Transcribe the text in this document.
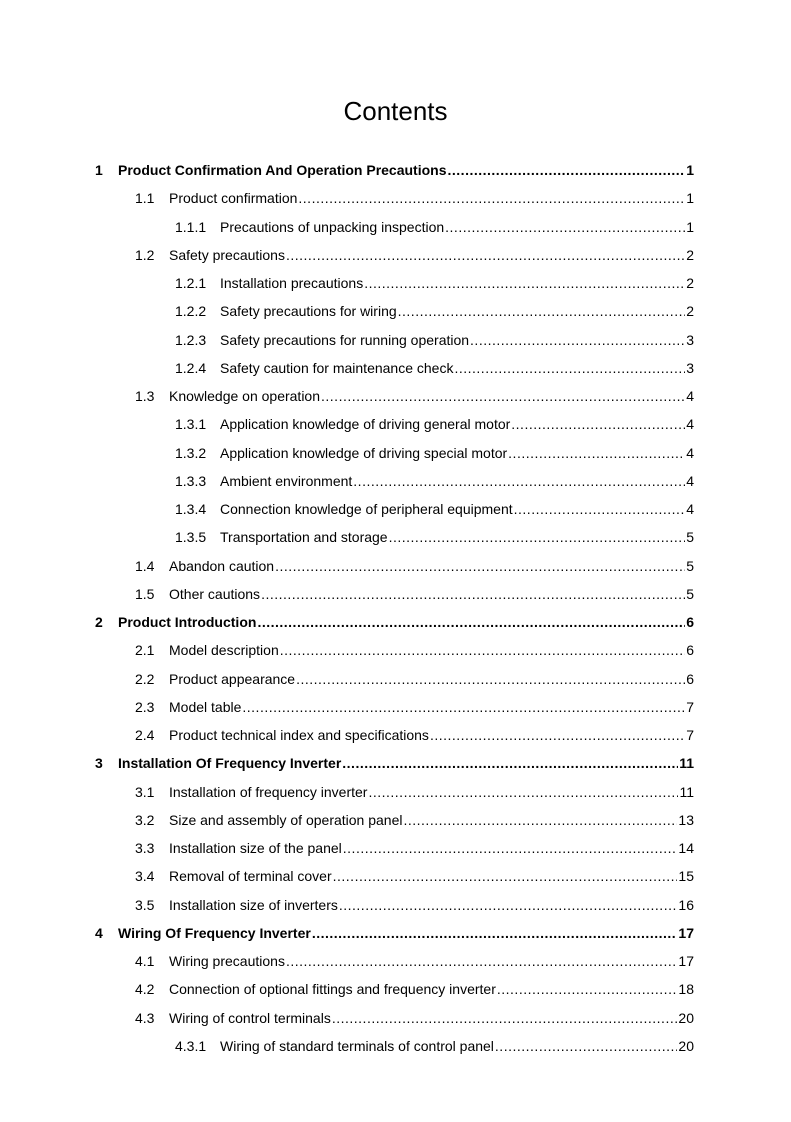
Contents
1 Product Confirmation And Operation Precautions .....	1
1.1 Product confirmation .....	1
1.1.1 Precautions of unpacking inspection .....	1
1.2 Safety precautions .....	2
1.2.1 Installation precautions .....	2
1.2.2 Safety precautions for wiring .....	2
1.2.3 Safety precautions for running operation .....	3
1.2.4 Safety caution for maintenance check .....	3
1.3 Knowledge on operation .....	4
1.3.1 Application knowledge of driving general motor .....	4
1.3.2 Application knowledge of driving special motor .....	4
1.3.3 Ambient environment .....	4
1.3.4 Connection knowledge of peripheral equipment .....	4
1.3.5 Transportation and storage .....	5
1.4 Abandon caution .....	5
1.5 Other cautions .....	5
2 Product Introduction .....	6
2.1 Model description .....	6
2.2 Product appearance .....	6
2.3 Model table .....	7
2.4 Product technical index and specifications .....	7
3 Installation Of Frequency Inverter .....	11
3.1 Installation of frequency inverter .....	11
3.2 Size and assembly of operation panel .....	13
3.3 Installation size of the panel .....	14
3.4 Removal of terminal cover .....	15
3.5 Installation size of inverters .....	16
4 Wiring Of Frequency Inverter .....	17
4.1 Wiring precautions .....	17
4.2 Connection of optional fittings and frequency inverter .....	18
4.3 Wiring of control terminals .....	20
4.3.1 Wiring of standard terminals of control panel .....	20
